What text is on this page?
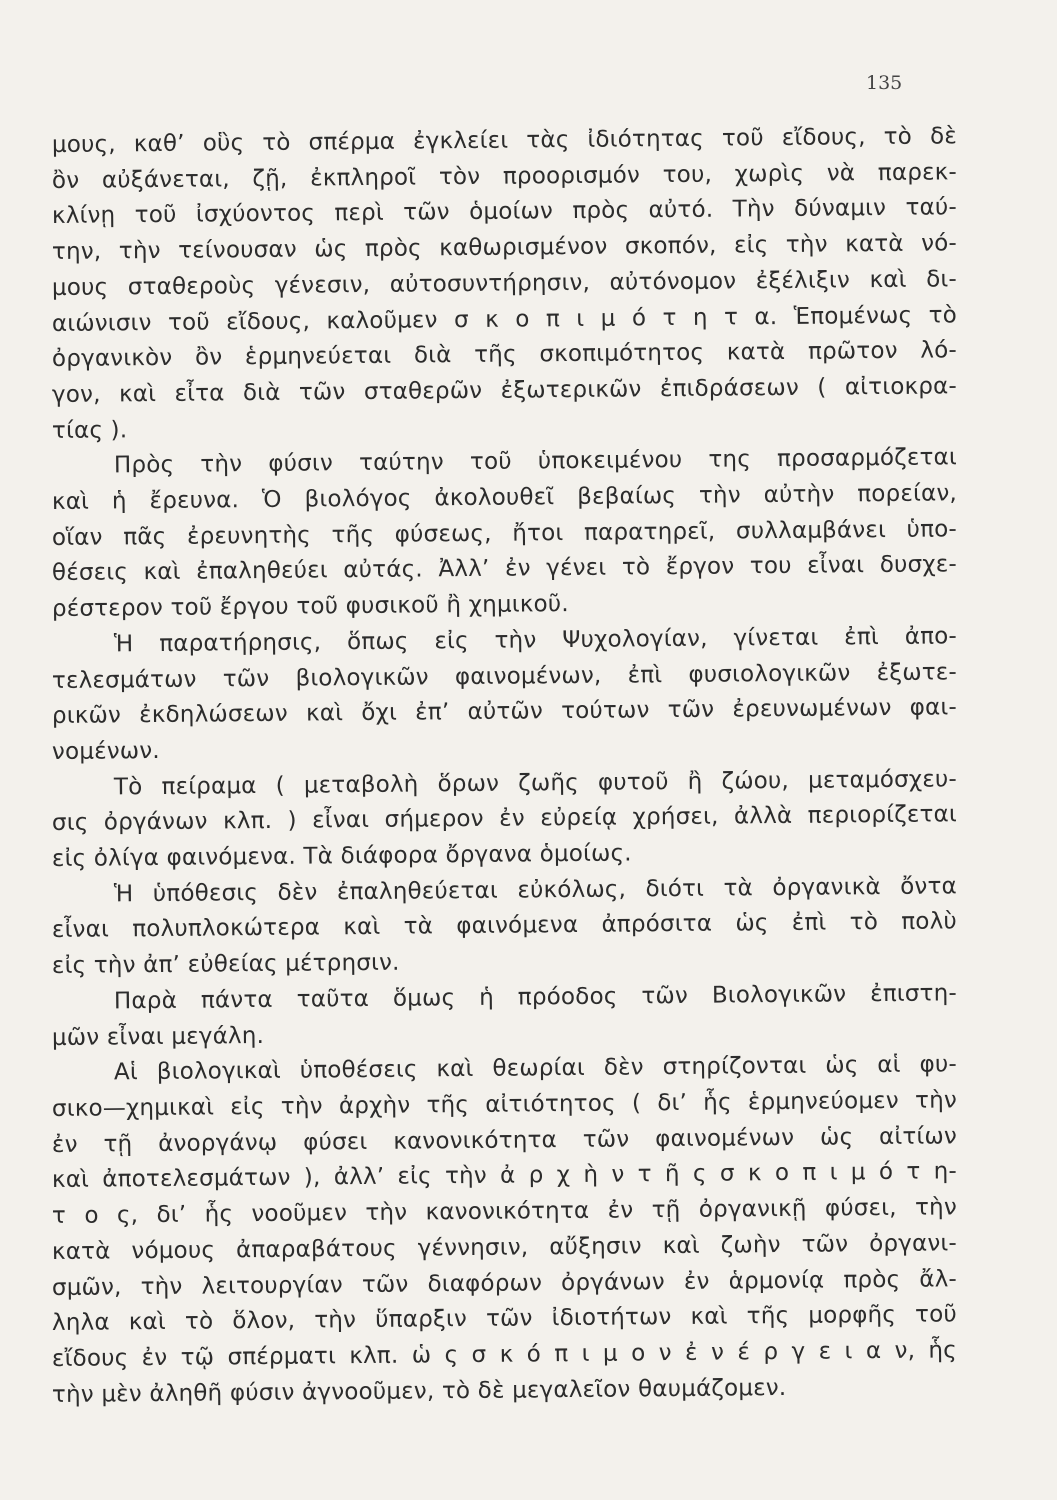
135
μους, καθ’ οὓς τὸ σπέρμα ἐγκλείει τὰς ἰδιότητας τοῦ εἴδους, τὸ δὲ
ὂν αὐξάνεται, ζῇ, ἐκπληροῖ τὸν προορισμόν του, χωρὶς νὰ παρεκ-
κλίνῃ τοῦ ἰσχύοντος περὶ τῶν ὁμοίων πρὸς αὐτό. Τὴν δύναμιν ταύ-
την, τὴν τείνουσαν ὡς πρὸς καθωρισμένον σκοπόν, εἰς τὴν κατὰ νό-
μους σταθεροὺς γένεσιν, αὐτοσυντήρησιν, αὐτόνομον ἐξέλιξιν καὶ δι-
αιώνισιν τοῦ εἴδους, καλοῦμεν σ κ ο π ι μ ό τ η τ α. Ἑπομένως τὸ
ὀργανικὸν ὂν ἑρμηνεύεται διὰ τῆς σκοπιμότητος κατὰ πρῶτον λό-
γον, καὶ εἶτα διὰ τῶν σταθερῶν ἐξωτερικῶν ἐπιδράσεων ( αἰτιοκρα-
τίας ).
Πρὸς τὴν φύσιν ταύτην τοῦ ὑποκειμένου της προσαρμόζεται
καὶ ἡ ἔρευνα. Ὁ βιολόγος ἀκολουθεῖ βεβαίως τὴν αὐτὴν πορείαν,
οἵαν πᾶς ἐρευνητὴς τῆς φύσεως, ἤτοι παρατηρεῖ, συλλαμβάνει ὑπο-
θέσεις καὶ ἐπαληθεύει αὐτάς. Ἀλλ’ ἐν γένει τὸ ἔργον του εἶναι δυσχε-
ρέστερον τοῦ ἔργου τοῦ φυσικοῦ ἢ χημικοῦ.
Ἡ παρατήρησις, ὅπως εἰς τὴν Ψυχολογίαν, γίνεται ἐπὶ ἀπο-
τελεσμάτων τῶν βιολογικῶν φαινομένων, ἐπὶ φυσιολογικῶν ἐξωτε-
ρικῶν ἐκδηλώσεων καὶ ὄχι ἐπ’ αὐτῶν τούτων τῶν ἐρευνωμένων φαι-
νομένων.
Τὸ πείραμα ( μεταβολὴ ὅρων ζωῆς φυτοῦ ἢ ζώου, μεταμόσχευ-
σις ὀργάνων κλπ. ) εἶναι σήμερον ἐν εὐρείᾳ χρήσει, ἀλλὰ περιορίζεται
εἰς ὀλίγα φαινόμενα. Τὰ διάφορα ὄργανα ὁμοίως.
Ἡ ὑπόθεσις δὲν ἐπαληθεύεται εὐκόλως, διότι τὰ ὀργανικὰ ὄντα
εἶναι πολυπλοκώτερα καὶ τὰ φαινόμενα ἀπρόσιτα ὡς ἐπὶ τὸ πολὺ
εἰς τὴν ἀπ’ εὐθείας μέτρησιν.
Παρὰ πάντα ταῦτα ὅμως ἡ πρόοδος τῶν Βιολογικῶν ἐπιστη-
μῶν εἶναι μεγάλη.
Αἱ βιολογικαὶ ὑποθέσεις καὶ θεωρίαι δὲν στηρίζονται ὡς αἱ φυ-
σικο—χημικαὶ εἰς τὴν ἀρχὴν τῆς αἰτιότητος ( δι’ ἧς ἑρμηνεύομεν τὴν
ἐν τῇ ἀνοργάνῳ φύσει κανονικότητα τῶν φαινομένων ὡς αἰτίων
καὶ ἀποτελεσμάτων ), ἀλλ’ εἰς τὴν ἀ ρ χ ὴ ν τ ῆ ς σ κ ο π ι μ ό τ η-
τ ο ς, δι’ ἧς νοοῦμεν τὴν κανονικότητα ἐν τῇ ὀργανικῇ φύσει, τὴν
κατὰ νόμους ἀπαραβάτους γέννησιν, αὔξησιν καὶ ζωὴν τῶν ὀργανι-
σμῶν, τὴν λειτουργίαν τῶν διαφόρων ὀργάνων ἐν ἁρμονίᾳ πρὸς ἄλ-
ληλα καὶ τὸ ὅλον, τὴν ὕπαρξιν τῶν ἰδιοτήτων καὶ τῆς μορφῆς τοῦ
εἴδους ἐν τῷ σπέρματι κλπ. ὡ ς σ κ ό π ι μ ο ν ἐ ν έ ρ γ ε ι α ν, ἧς
τὴν μὲν ἀληθῆ φύσιν ἀγνοοῦμεν, τὸ δὲ μεγαλεῖον θαυμάζομεν.
